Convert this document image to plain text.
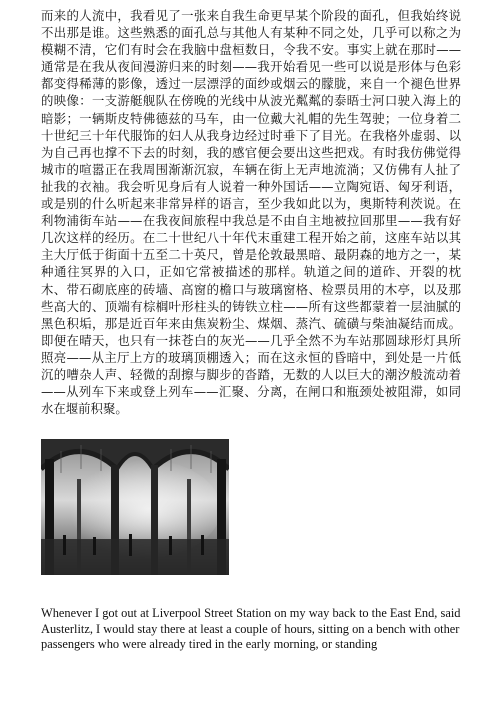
而来的人流中，我看见了一张来自我生命更早某个阶段的面孔，但我始终说不出那是谁。这些熟悉的面孔总与其他人有某种不同之处，几乎可以称之为模糊不清，它们有时会在我脑中盘桓数日，令我不安。事实上就在那时——通常是在我从夜间漫游归来的时刻——我开始看见一些可以说是形体与色彩都变得稀薄的影像，透过一层漂浮的面纱或烟云的朦胧，来自一个褪色世界的映像：一支游艇舰队在傍晚的光线中从波光粼粼的泰晤士河口驶入海上的暗影；一辆斯皮特佛德兹的马车，由一位戴大礼帽的先生驾驶；一位身着二十世纪三十年代服饰的妇人从我身边经过时垂下了目光。在我格外虚弱、以为自己再也撑不下去的时刻，我的感官便会要出这些把戏。有时我仿佛觉得城市的喧嚣正在我周围渐渐沉寂，车辆在街上无声地流淌；又仿佛有人扯了扯我的衣袖。我会听见身后有人说着一种外国话——立陶宛语、匈牙利语，或是别的什么听起来非常异样的语言，至少我如此以为，奥斯特利茨说。在利物浦街车站——在我夜间旅程中我总是不由自主地被拉回那里——我有好几次这样的经历。在二十世纪八十年代末重建工程开始之前，这座车站以其主大厅低于街面十五至二十英尺，曾是伦敦最黑暗、最阴森的地方之一，某种通往冥界的入口，正如它常被描述的那样。轨道之间的道砟、开裂的枕木、带石砌底座的砖墙、高窗的檐口与玻璃窗格、检票员用的木亭，以及那些高大的、顶端有棕榈叶形柱头的铸铁立柱——所有这些都蒙着一层油腻的黑色积垢，那是近百年来由焦炭粉尘、煤烟、蒸汽、硫磺与柴油凝结而成。即便在晴天，也只有一抹苍白的灰光——几乎全然不为车站那圆球形灯具所照亮——从主厅上方的玻璃顶棚透入；而在这永恒的昏暗中，到处是一片低沉的嘈杂人声、轻微的刮擦与脚步的沓踏，无数的人以巨大的潮汐般流动着——从列车下来或登上列车——汇聚、分离，在闸口和瓶颈处被阻滞，如同水在堰前积聚。

Whenever I got out at Liverpool Street Station on my way back to the East End, said Austerlitz, I would stay there at least a couple of hours, sitting on a bench with other passengers who were already tired in the early morning, or standing
